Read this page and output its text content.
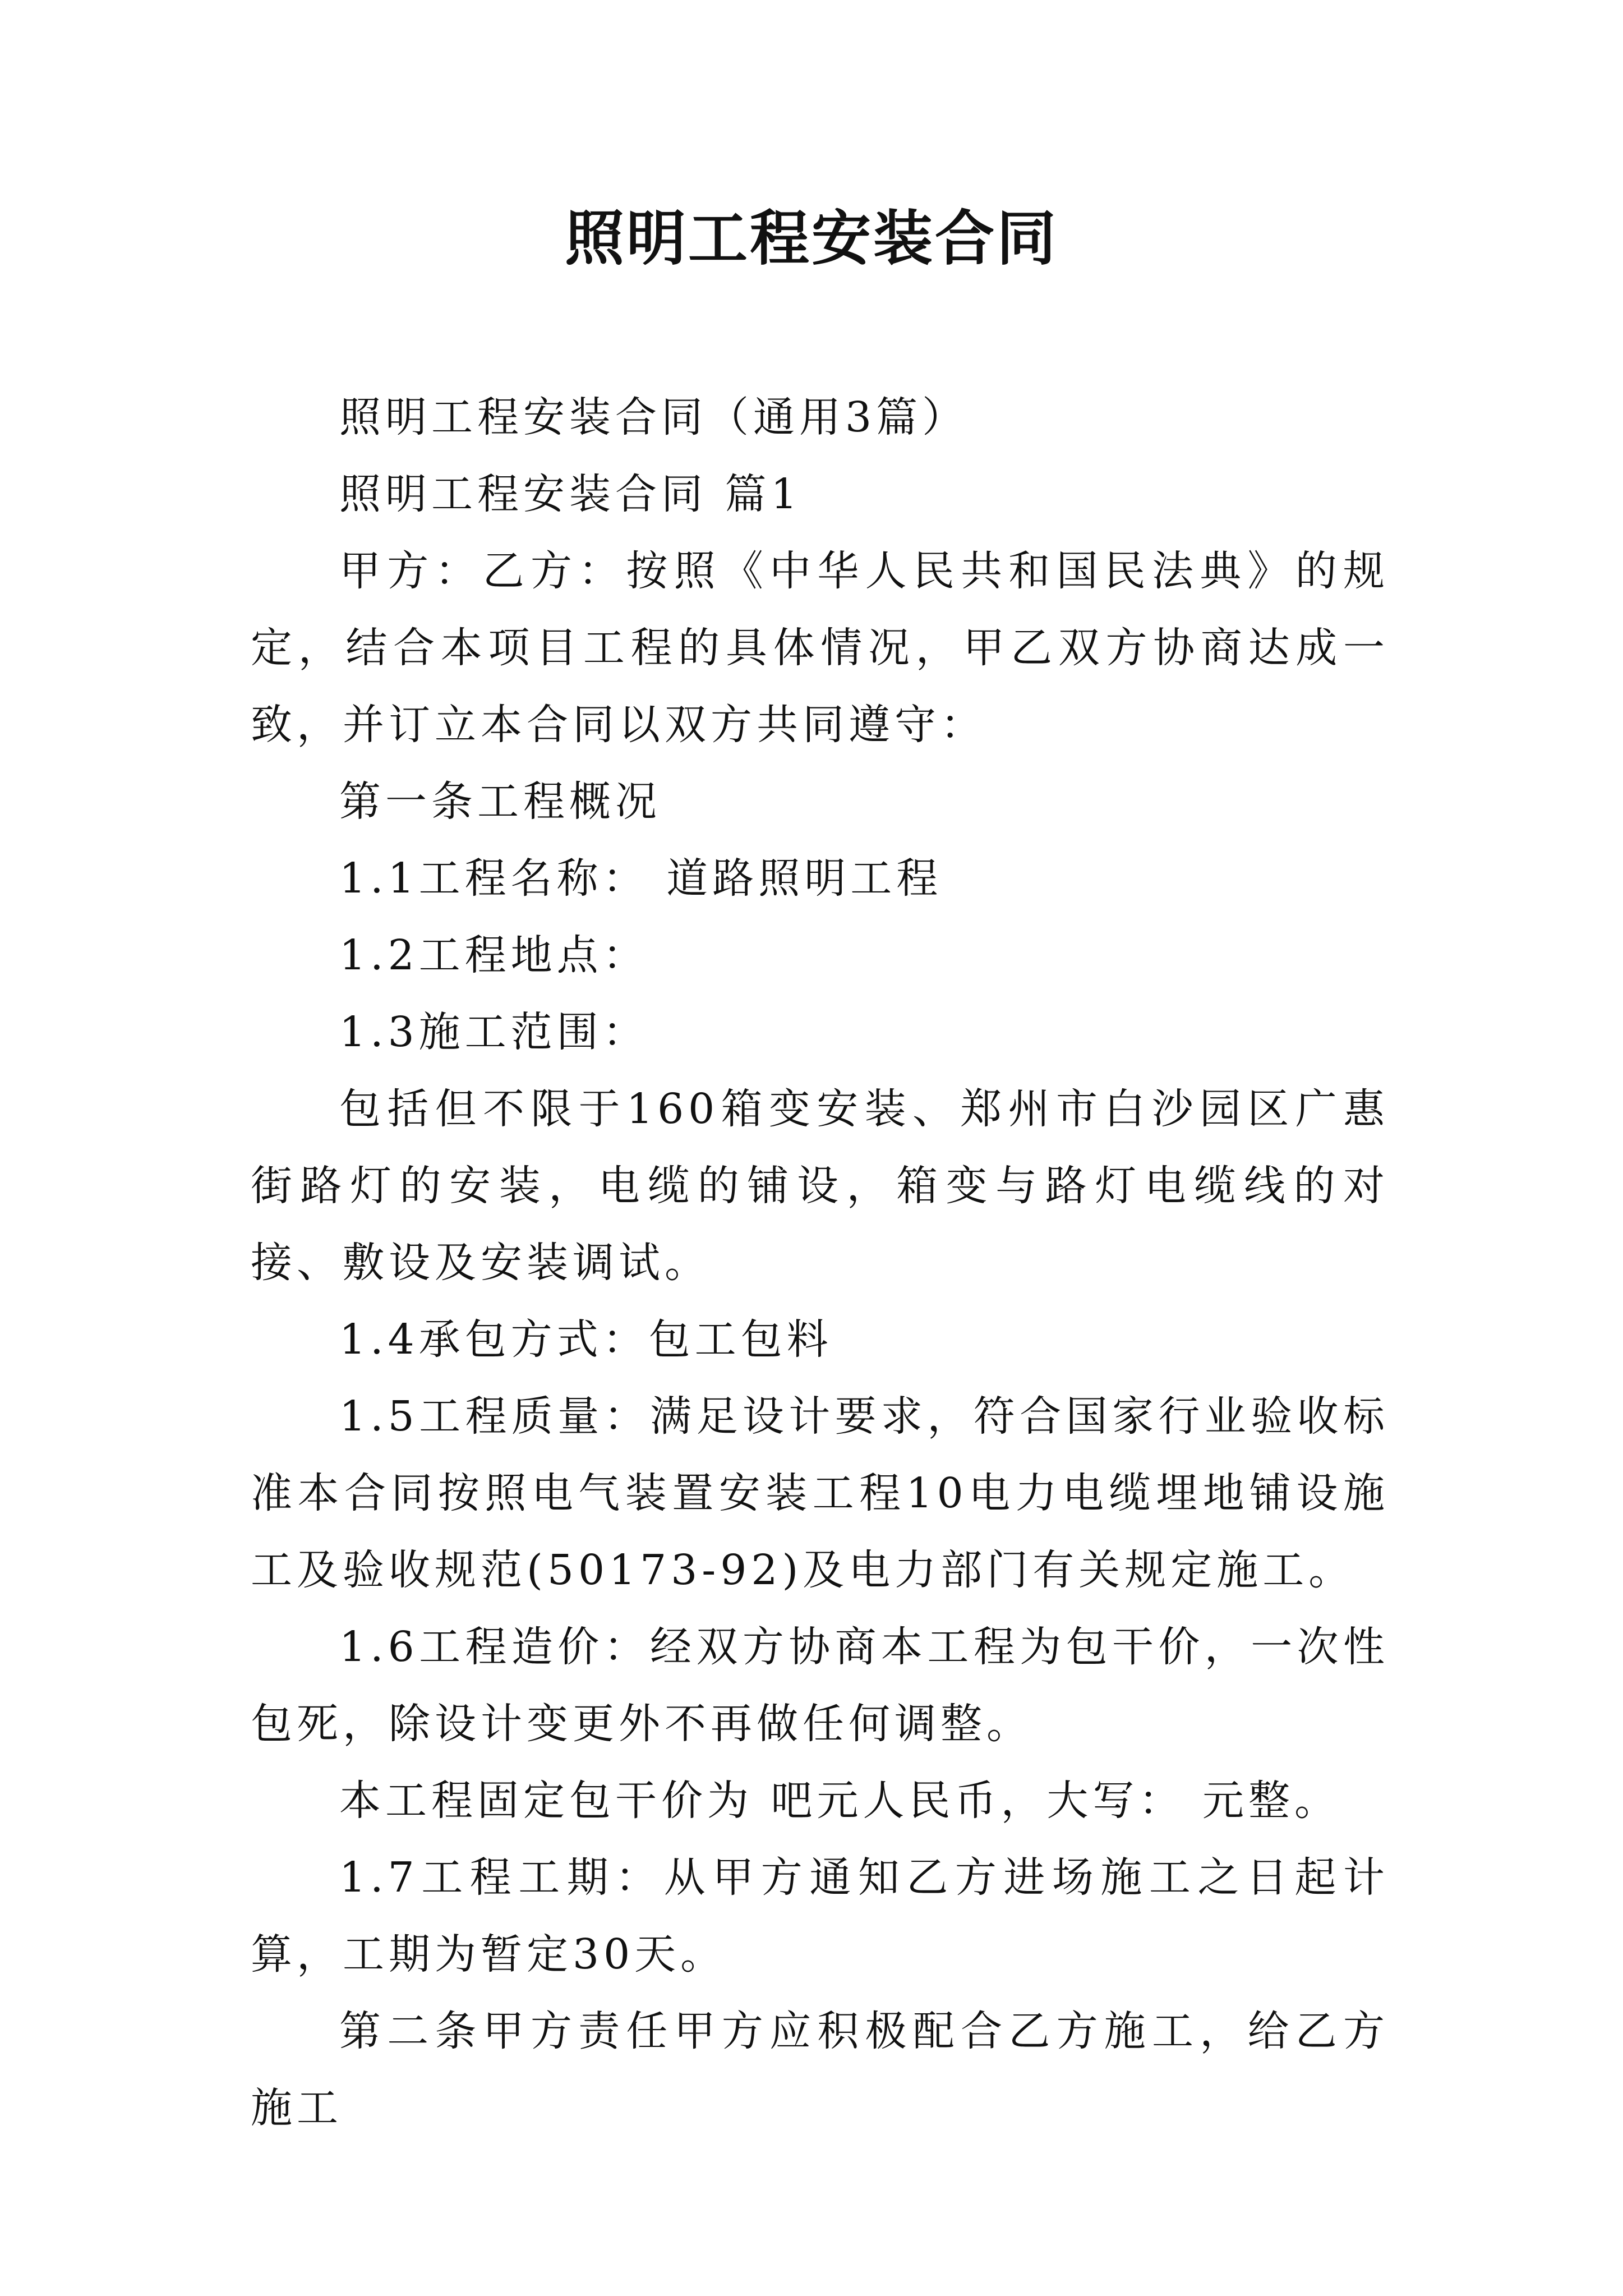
照明工程安装合同

照明工程安装合同（通用3篇）

照明工程安装合同 篇1

甲方：乙方：按照《中华人民共和国民法典》的规定，结合本项目工程的具体情况，甲乙双方协商达成一致，并订立本合同以双方共同遵守：

第一条工程概况

1.1工程名称： 道路照明工程

1.2工程地点：

1.3施工范围：

包括但不限于160箱变安装、郑州市白沙园区广惠街路灯的安装，电缆的铺设，箱变与路灯电缆线的对接、敷设及安装调试。

1.4承包方式：包工包料

1.5工程质量：满足设计要求，符合国家行业验收标准本合同按照电气装置安装工程10电力电缆埋地铺设施工及验收规范(50173-92)及电力部门有关规定施工。

1.6工程造价：经双方协商本工程为包干价，一次性包死，除设计变更外不再做任何调整。

本工程固定包干价为 吧元人民币，大写： 元整。

1.7工程工期：从甲方通知乙方进场施工之日起计算，工期为暂定30天。

第二条甲方责任甲方应积极配合乙方施工，给乙方施工
